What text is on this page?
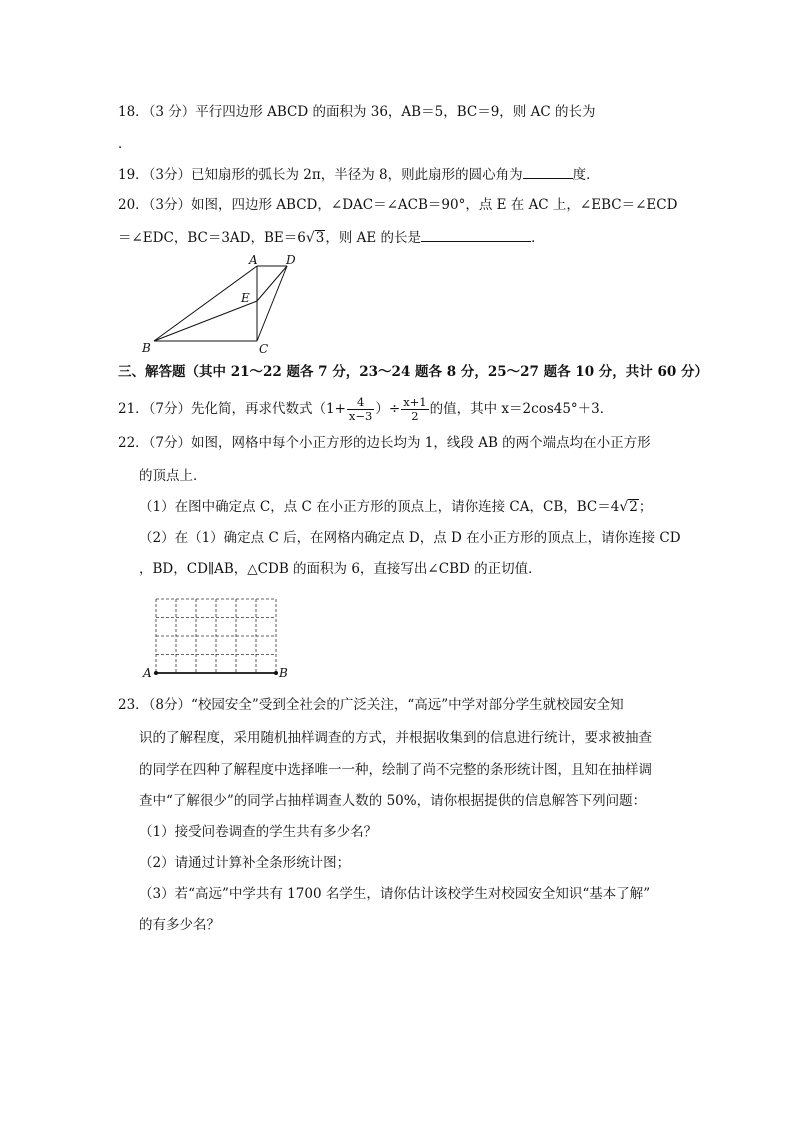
18．（3 分）平行四边形 ABCD 的面积为 36，AB＝5，BC＝9，则 AC 的长为
．
19．（3分）已知扇形的弧长为 2π，半径为 8，则此扇形的圆心角为	度．
20．（3分）如图，四边形 ABCD，∠DAC＝∠ACB＝90°，点 E 在 AC 上，∠EBC＝∠ECD
＝∠EDC，BC＝3AD，BE＝6√3，则 AE 的长是	．
A D
E
B	C
三、解答题（其中 21～22 题各 7 分，23～24 题各 8 分，25～27 题各 10 分，共计 60 分）
21．（7分）先化简，再求代数式（$1+ \frac{4}{x-3}$ ）÷ $\frac{x+1}{2}$ 的值，其中 x＝2cos45°＋3．
22．（7分）如图，网格中每个小正方形的边长均为 1，线段 AB 的两个端点均在小正方形
的顶点上．
（1）在图中确定点 C，点 C 在小正方形的顶点上，请你连接 CA，CB，BC＝4√2；
（2）在（1）确定点 C 后，在网格内确定点 D，点 D 在小正方形的顶点上，请你连接 CD
，BD，CD∥AB，△CDB 的面积为 6，直接写出∠CBD 的正切值．
A	B
23．（8分）“校园安全”受到全社会的广泛关注，“高远”中学对部分学生就校园安全知
识的了解程度，采用随机抽样调查的方式，并根据收集到的信息进行统计，要求被抽查
的同学在四种了解程度中选择唯一一种，绘制了尚不完整的条形统计图，且知在抽样调
查中“了解很少”的同学占抽样调查人数的 50%，请你根据提供的信息解答下列问题：
（1）接受问卷调查的学生共有多少名？
（2）请通过计算补全条形统计图；
（3）若“高远”中学共有 1700 名学生，请你估计该校学生对校园安全知识“基本了解”
的有多少名？
